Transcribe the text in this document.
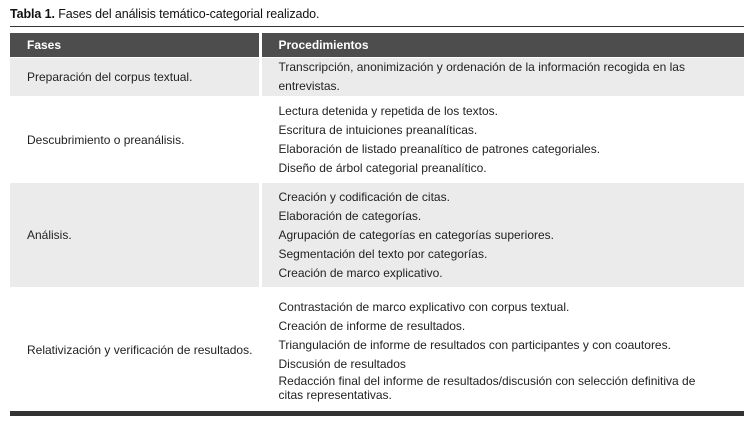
Tabla 1. Fases del análisis temático-categorial realizado.
Fases	Procedimientos
Preparación del corpus textual.	Transcripción, anonimización y ordenación de la información recogida en las entrevistas.

Descubrimiento o preanálisis.	Lectura detenida y repetida de los textos.
Escritura de intuiciones preanalíticas.
Elaboración de listado preanalítico de patrones categoriales.
Diseño de árbol categorial preanalítico.

Análisis.	Creación y codificación de citas.
Elaboración de categorías.
Agrupación de categorías en categorías superiores.
Segmentación del texto por categorías.
Creación de marco explicativo.

Relativización y verificación de resultados.	Contrastación de marco explicativo con corpus textual.
Creación de informe de resultados.
Triangulación de informe de resultados con participantes y con coautores.
Discusión de resultados
Redacción final del informe de resultados/discusión con selección definitiva de citas representativas.
